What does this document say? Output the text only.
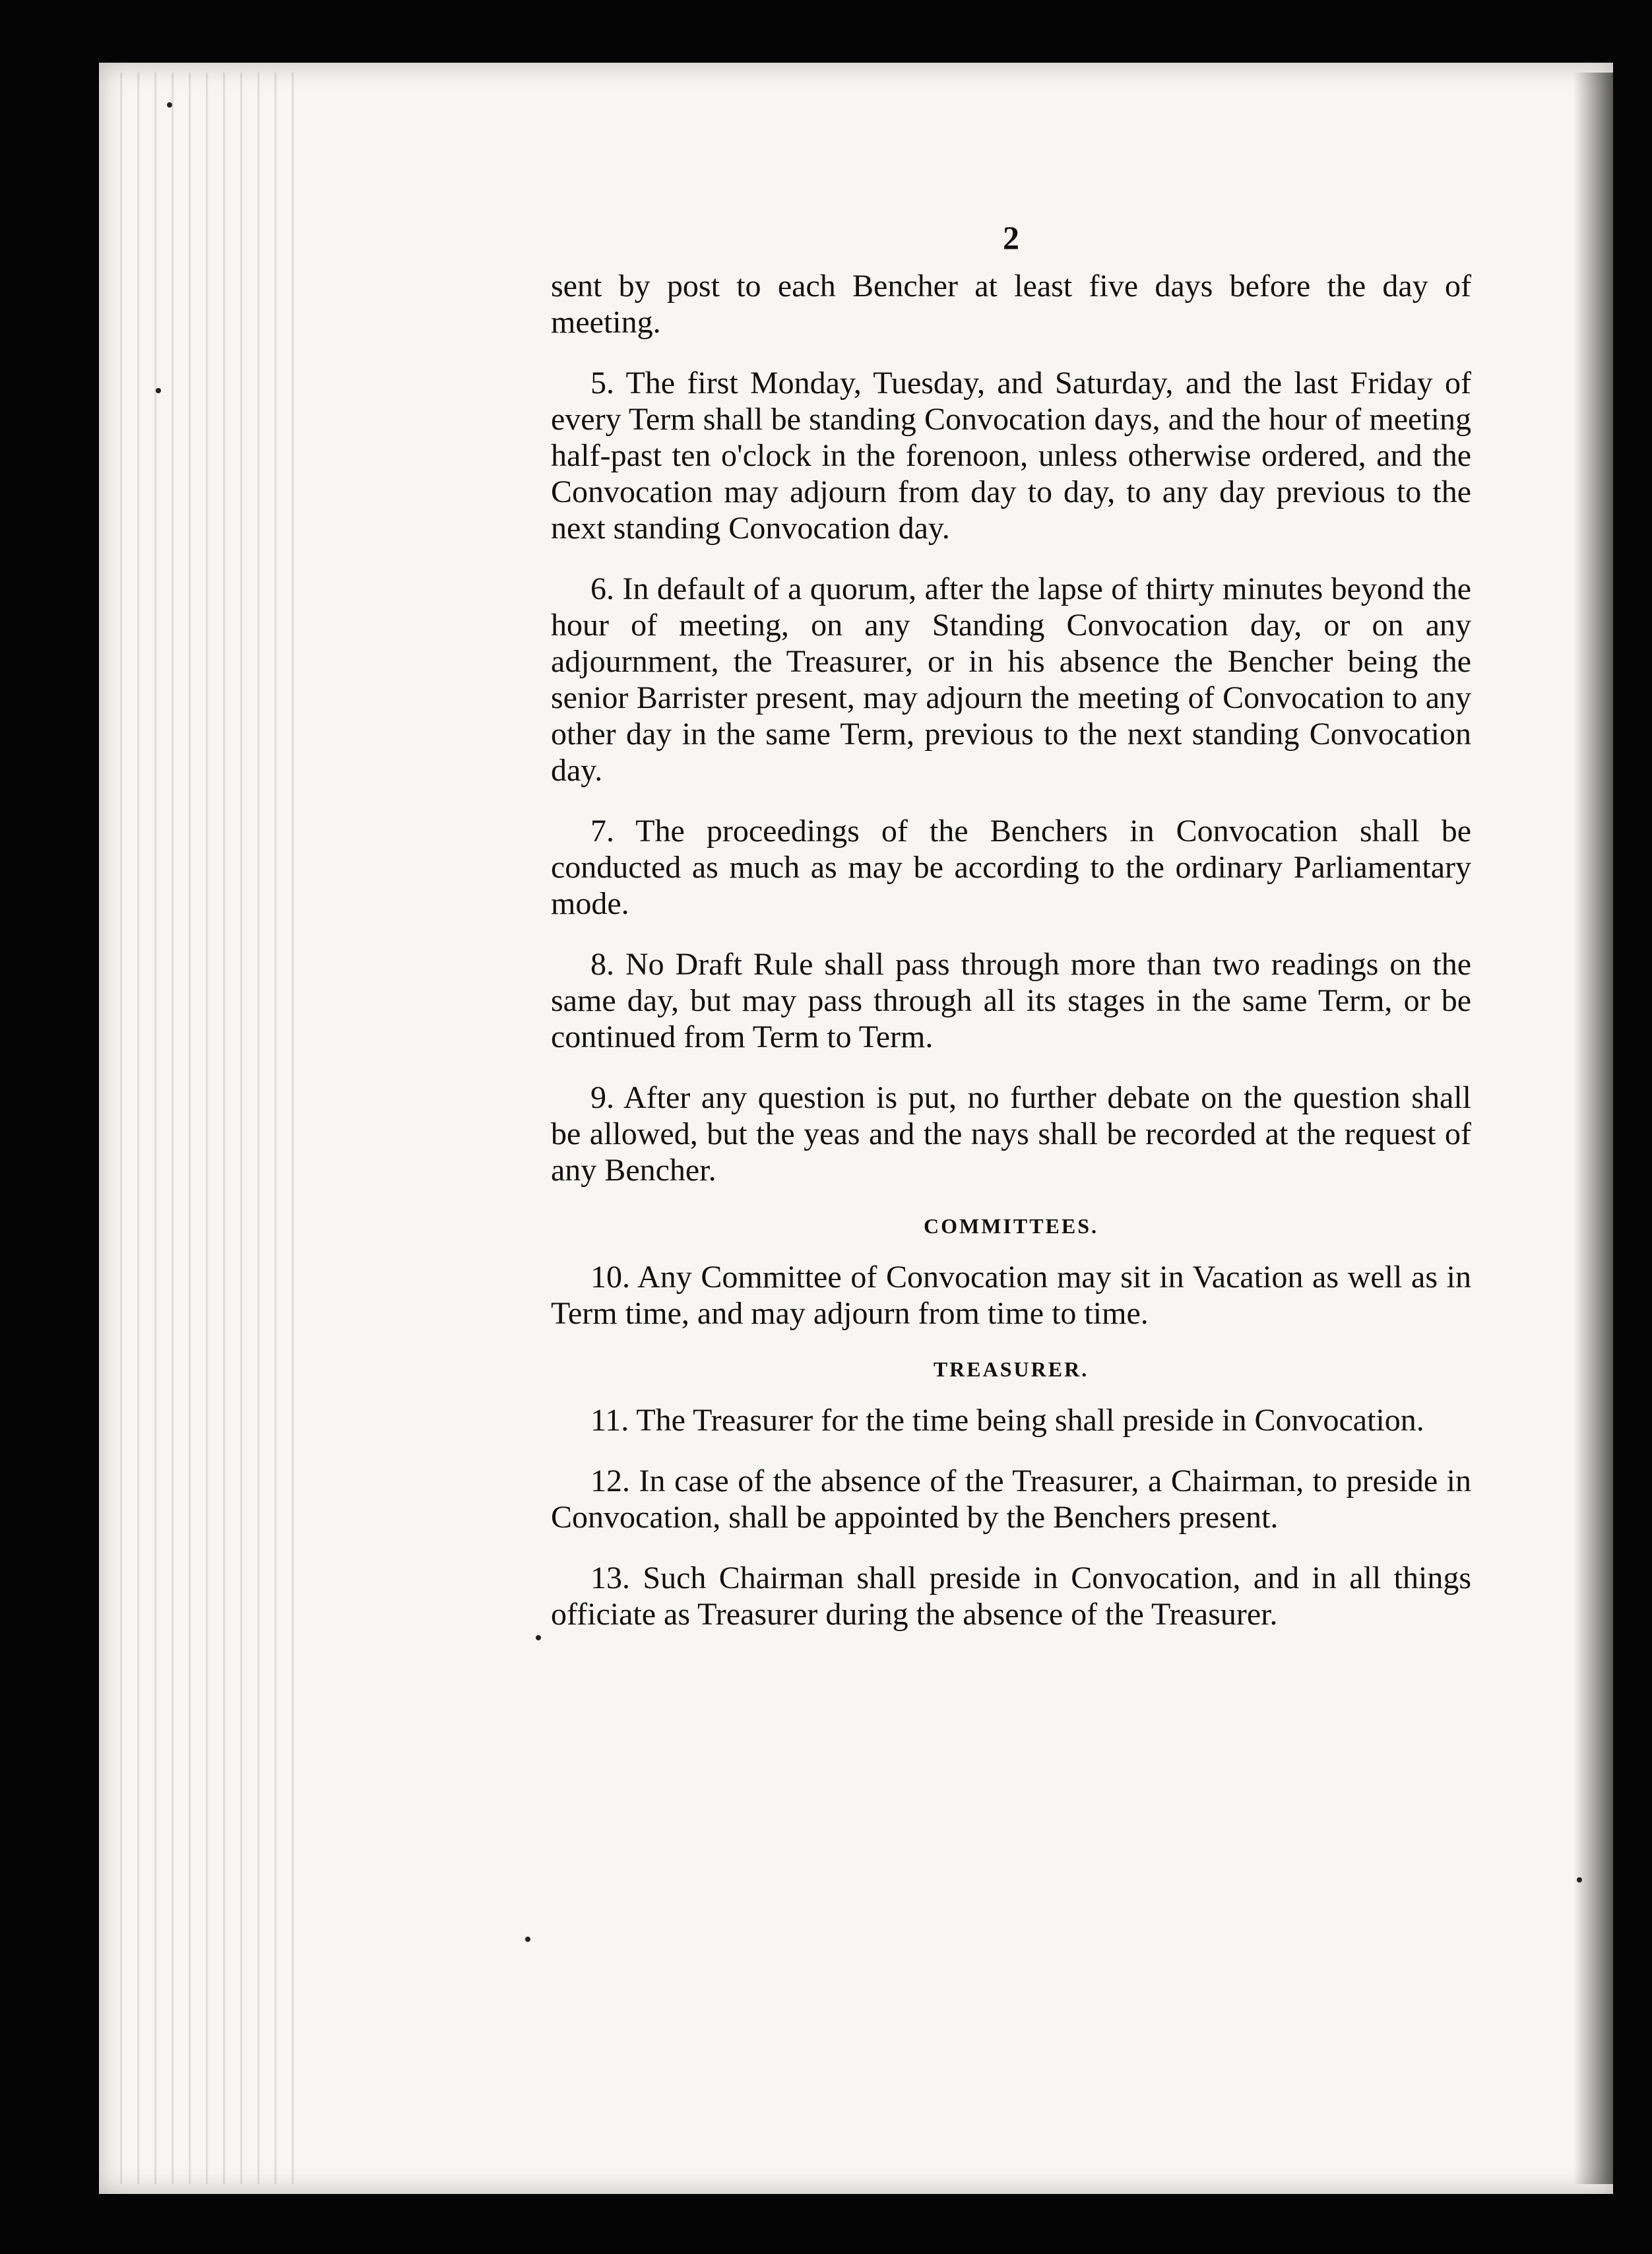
2

sent by post to each Bencher at least five days before the day of meeting.

5. The first Monday, Tuesday, and Saturday, and the last Friday of every Term shall be standing Convocation days, and the hour of meeting half-past ten o'clock in the forenoon, unless otherwise ordered, and the Convocation may adjourn from day to day, to any day previous to the next standing Convocation day.

6. In default of a quorum, after the lapse of thirty minutes beyond the hour of meeting, on any Standing Convocation day, or on any adjournment, the Treasurer, or in his absence the Bencher being the senior Barrister present, may adjourn the meeting of Convocation to any other day in the same Term, previous to the next standing Convocation day.

7. The proceedings of the Benchers in Convocation shall be conducted as much as may be according to the ordinary Parliamentary mode.

8. No Draft Rule shall pass through more than two readings on the same day, but may pass through all its stages in the same Term, or be continued from Term to Term.

9. After any question is put, no further debate on the question shall be allowed, but the yeas and the nays shall be recorded at the request of any Bencher.

COMMITTEES.

10. Any Committee of Convocation may sit in Vacation as well as in Term time, and may adjourn from time to time.

TREASURER.

11. The Treasurer for the time being shall preside in Convocation.

12. In case of the absence of the Treasurer, a Chairman, to preside in Convocation, shall be appointed by the Benchers present.

13. Such Chairman shall preside in Convocation, and in all things officiate as Treasurer during the absence of the Treasurer.
